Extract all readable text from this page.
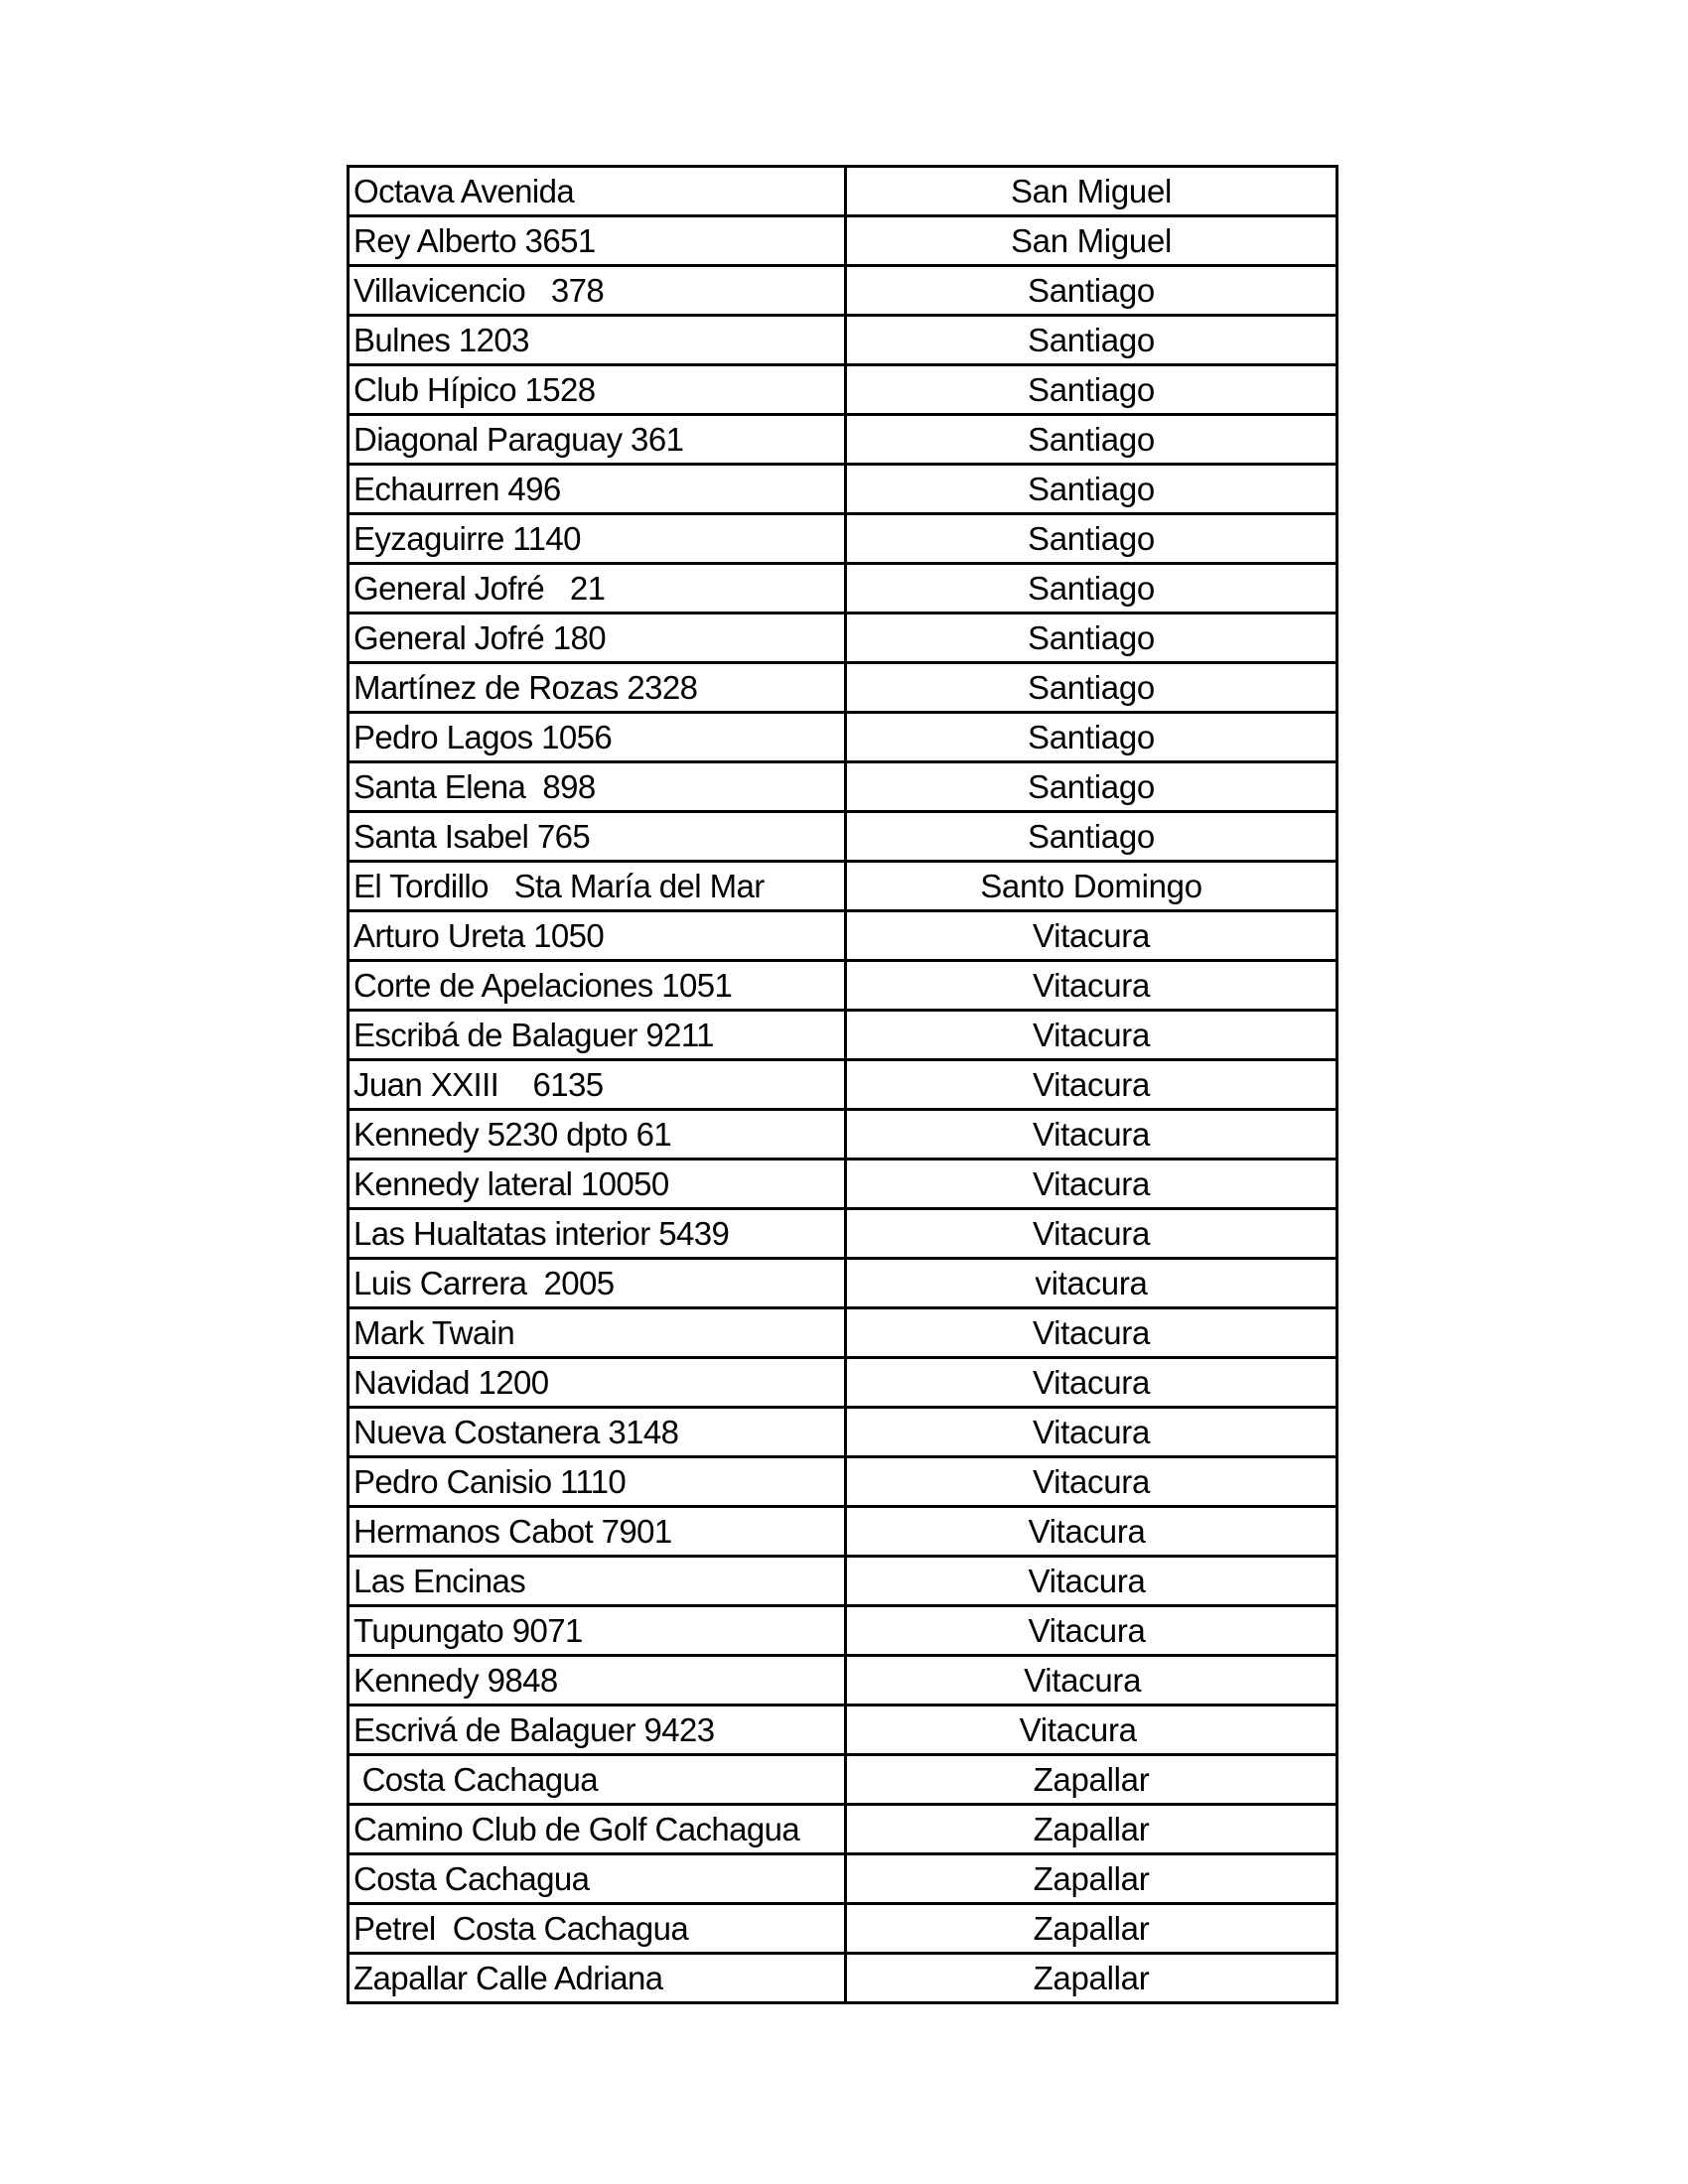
Octava Avenida	San Miguel
Rey Alberto 3651	San Miguel
Villavicencio   378	Santiago
Bulnes 1203	Santiago
Club Hípico 1528	Santiago
Diagonal Paraguay 361	Santiago
Echaurren 496	Santiago
Eyzaguirre 1140	Santiago
General Jofré   21	Santiago
General Jofré 180	Santiago
Martínez de Rozas 2328	Santiago
Pedro Lagos 1056	Santiago
Santa Elena  898	Santiago
Santa Isabel 765	Santiago
El Tordillo   Sta María del Mar	Santo Domingo
Arturo Ureta 1050	Vitacura
Corte de Apelaciones 1051	Vitacura
Escribá de Balaguer 9211	Vitacura
Juan XXIII    6135	Vitacura
Kennedy 5230 dpto 61	Vitacura
Kennedy lateral 10050	Vitacura
Las Hualtatas interior 5439	Vitacura
Luis Carrera  2005	vitacura
Mark Twain	Vitacura
Navidad 1200	Vitacura
Nueva Costanera 3148	Vitacura
Pedro Canisio 1110	Vitacura
Hermanos Cabot 7901	Vitacura
Las Encinas	Vitacura
Tupungato 9071	Vitacura
Kennedy 9848	Vitacura
Escrivá de Balaguer 9423	Vitacura
Costa Cachagua	Zapallar
Camino Club de Golf Cachagua	Zapallar
Costa Cachagua	Zapallar
Petrel  Costa Cachagua	Zapallar
Zapallar Calle Adriana	Zapallar
